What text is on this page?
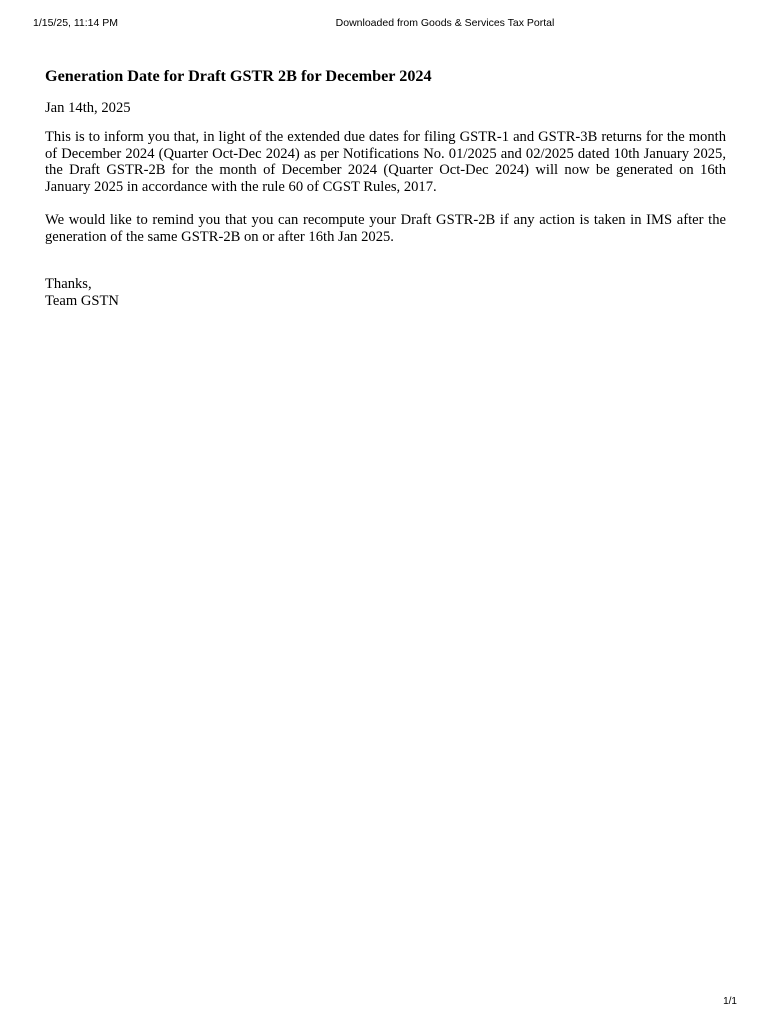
1/15/25, 11:14 PM	Downloaded from Goods & Services Tax Portal
Generation Date for Draft GSTR 2B for December 2024

Jan 14th, 2025

This is to inform you that, in light of the extended due dates for filing GSTR-1 and GSTR-3B returns for the month of December 2024 (Quarter Oct-Dec 2024) as per Notifications No. 01/2025 and 02/2025 dated 10th January 2025, the Draft GSTR-2B for the month of December 2024 (Quarter Oct-Dec 2024) will now be generated on 16th January 2025 in accordance with the rule 60 of CGST Rules, 2017.

We would like to remind you that you can recompute your Draft GSTR-2B if any action is taken in IMS after the generation of the same GSTR-2B on or after 16th Jan 2025.

Thanks,
Team GSTN
1/1
